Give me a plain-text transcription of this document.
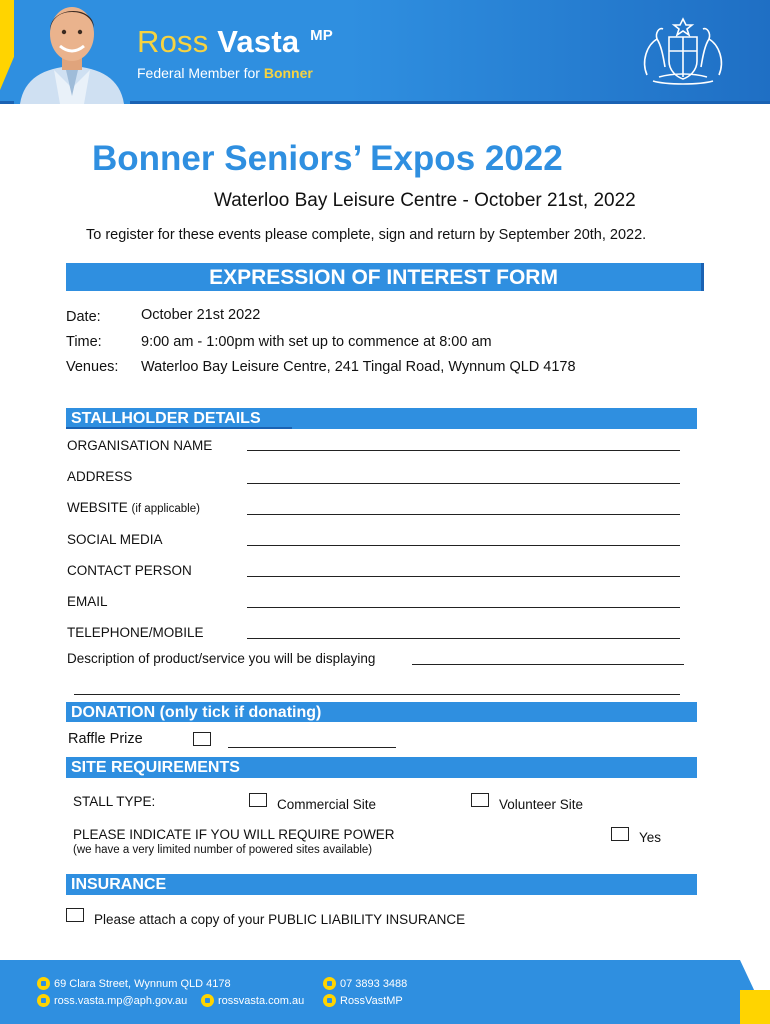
Ross Vasta $^{MP}$
Federal Member for Bonner
Bonner Seniors’ Expos 2022
Waterloo Bay Leisure Centre - October 21st, 2022
To register for these events please complete, sign and return by September 20th, 2022.
EXPRESSION OF INTEREST FORM
Date:	October 21st 2022
Time:	9:00 am - 1:00pm with set up to commence at 8:00 am
Venues: Waterloo Bay Leisure Centre, 241 Tingal Road, Wynnum QLD 4178
STALLHOLDER DETAILS
ORGANISATION NAME
ADDRESS
WEBSITE (if applicable)
SOCIAL MEDIA
CONTACT PERSON
EMAIL
TELEPHONE/MOBILE
Description of product/service you will be displaying
DONATION (only tick if donating)
Raffle Prize
SITE REQUIREMENTS
STALL TYPE:	Commercial Site	Volunteer Site
PLEASE INDICATE IF YOU WILL REQUIRE POWER
(we have a very limited number of powered sites available)
Yes
INSURANCE
Please attach a copy of your PUBLIC LIABILITY INSURANCE
69 Clara Street, Wynnum QLD 4178
ross.vasta.mp@aph.gov.au	rossvasta.com.au
07 3893 3488
RossVastMP
